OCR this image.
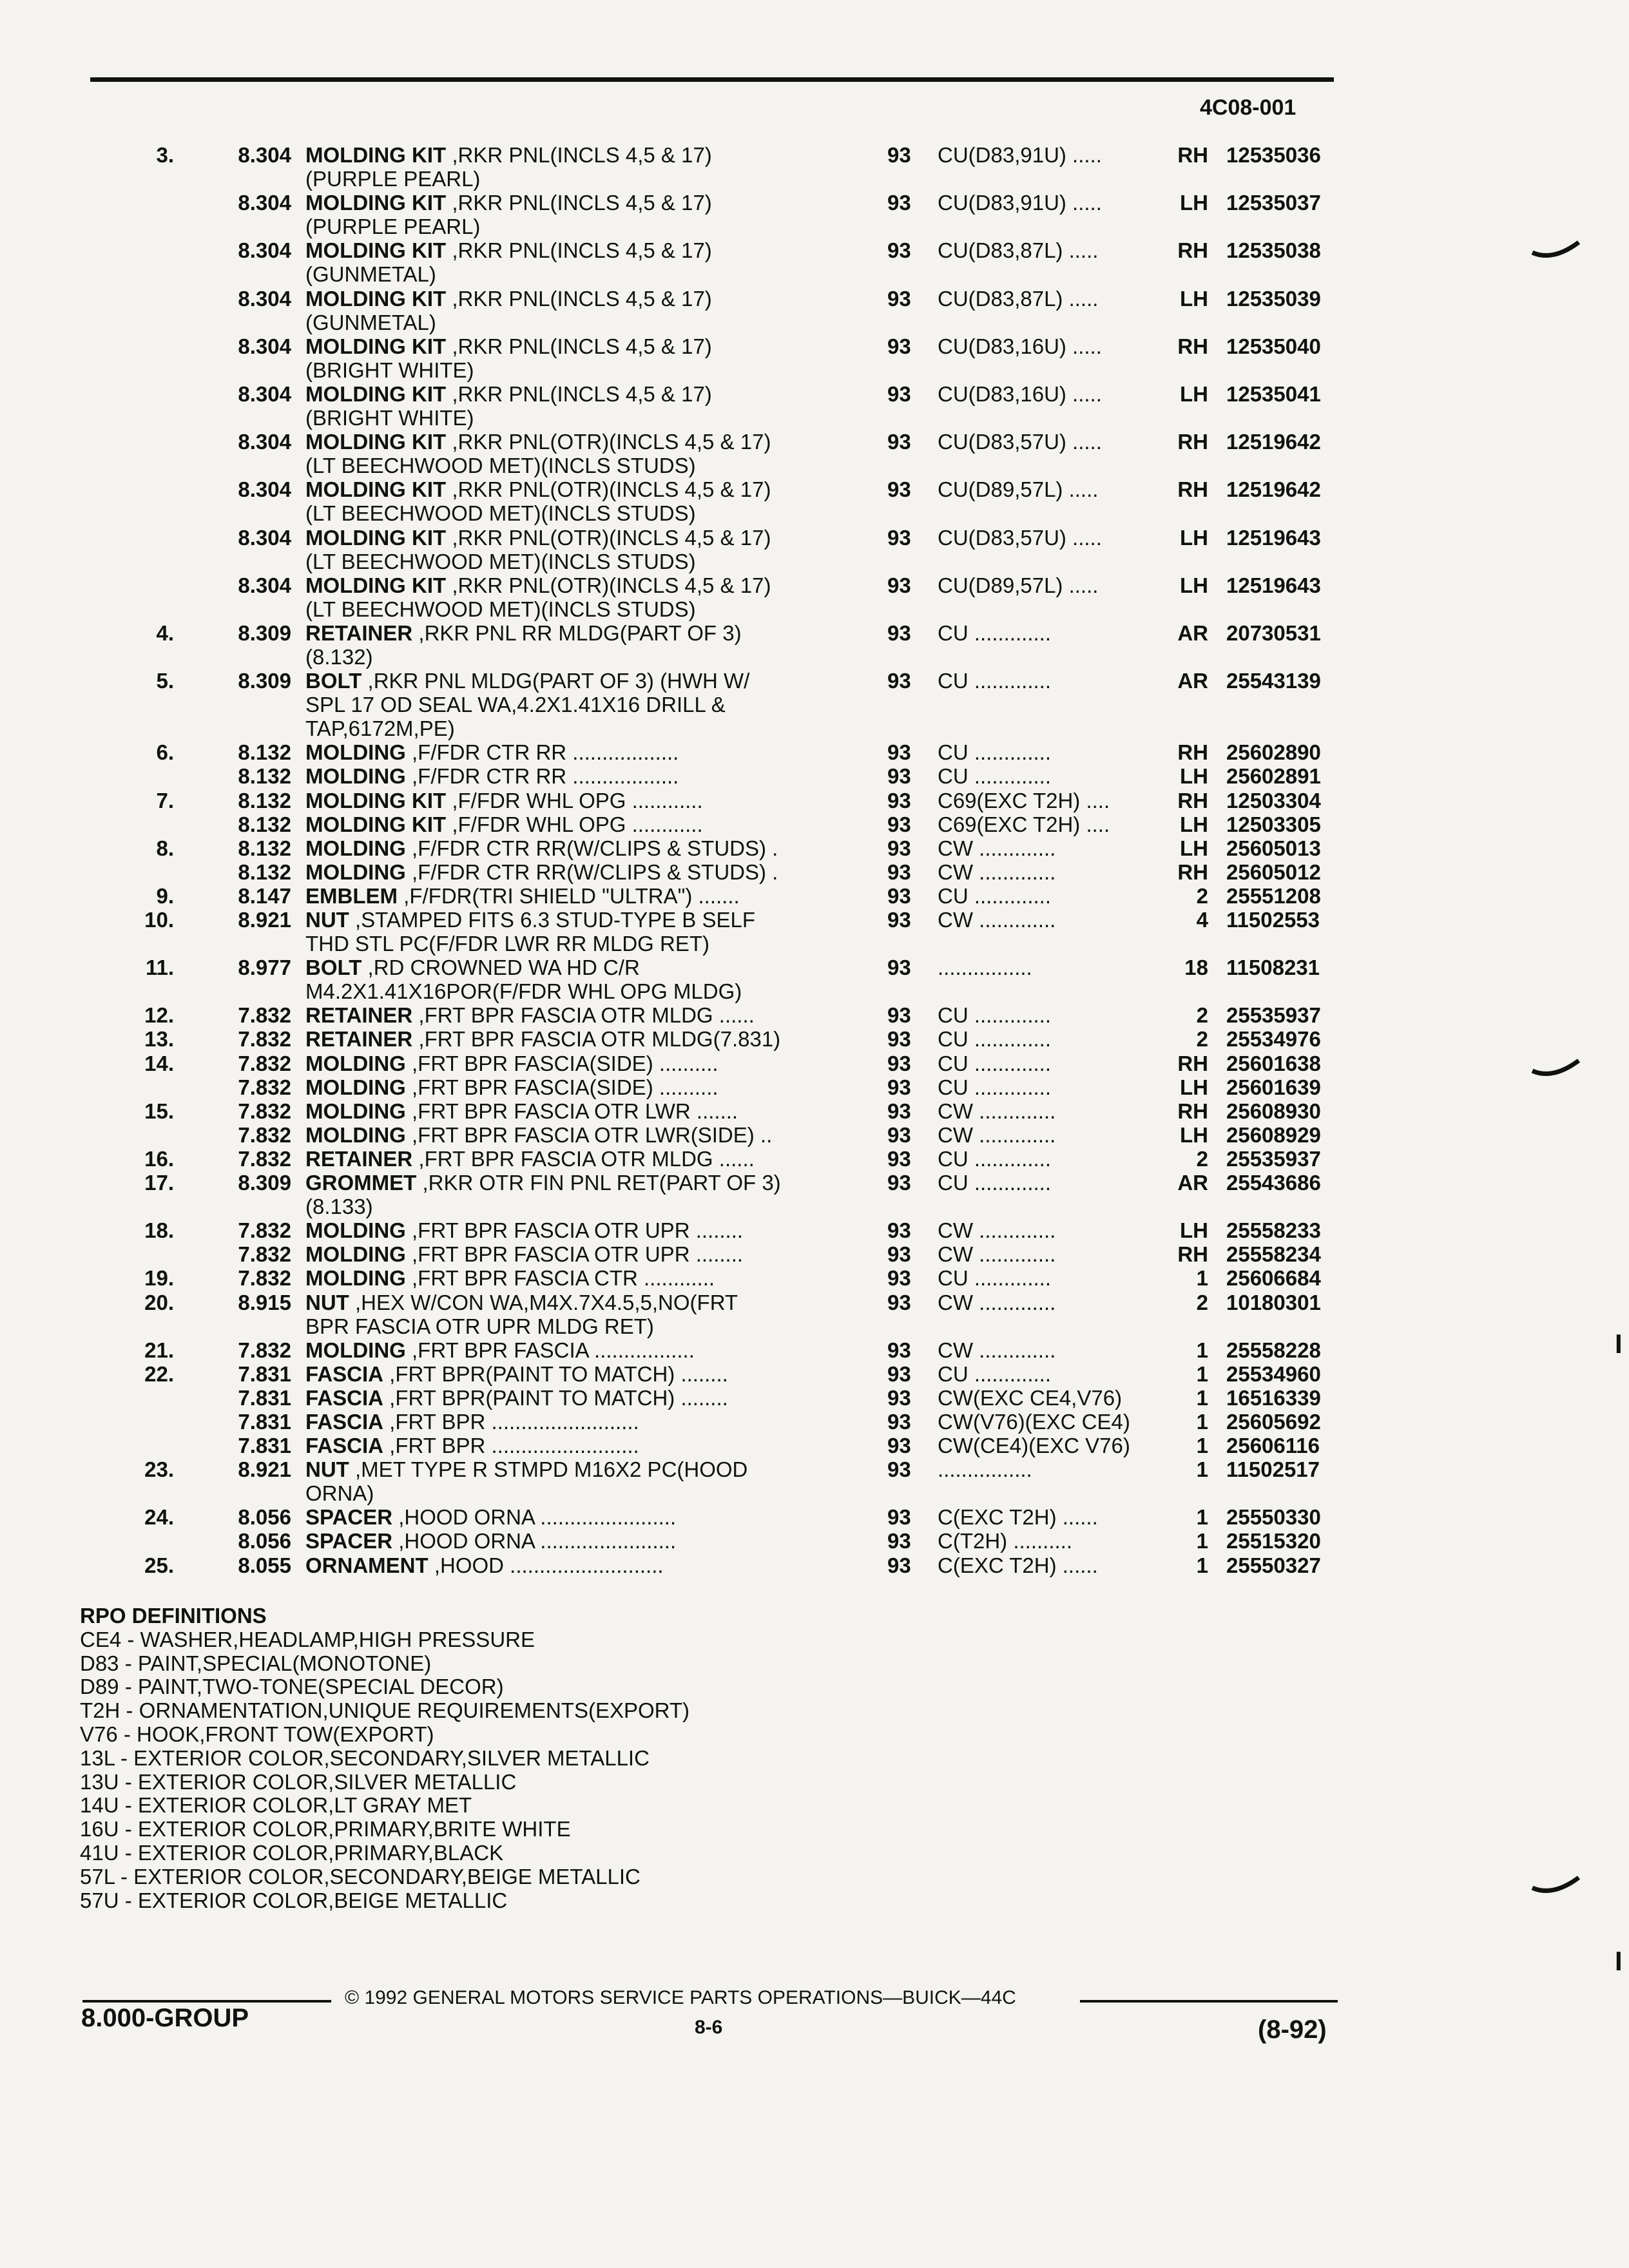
4C08-001
3.	8.304 MOLDING KIT ,RKR PNL(INCLS 4,5 & 17)	93 CU(D83,91U) .....	RH 12535036
(PURPLE PEARL)
8.304 MOLDING KIT ,RKR PNL(INCLS 4,5 & 17)	93 CU(D83,91U) .....	LH 12535037
(PURPLE PEARL)
8.304 MOLDING KIT ,RKR PNL(INCLS 4,5 & 17)	93 CU(D83,87L) .....	RH 12535038
(GUNMETAL)
8.304 MOLDING KIT ,RKR PNL(INCLS 4,5 & 17)	93 CU(D83,87L) .....	LH 12535039
(GUNMETAL)
8.304 MOLDING KIT ,RKR PNL(INCLS 4,5 & 17)	93 CU(D83,16U) .....	RH 12535040
(BRIGHT WHITE)
8.304 MOLDING KIT ,RKR PNL(INCLS 4,5 & 17)	93 CU(D83,16U) .....	LH 12535041
(BRIGHT WHITE)
8.304 MOLDING KIT ,RKR PNL(OTR)(INCLS 4,5 & 17)	93 CU(D83,57U) .....	RH 12519642
(LT BEECHWOOD MET)(INCLS STUDS)
8.304 MOLDING KIT ,RKR PNL(OTR)(INCLS 4,5 & 17)	93 CU(D89,57L) .....	RH 12519642
(LT BEECHWOOD MET)(INCLS STUDS)
8.304 MOLDING KIT ,RKR PNL(OTR)(INCLS 4,5 & 17)	93 CU(D83,57U) .....	LH 12519643
(LT BEECHWOOD MET)(INCLS STUDS)
8.304 MOLDING KIT ,RKR PNL(OTR)(INCLS 4,5 & 17)	93 CU(D89,57L) .....	LH 12519643
(LT BEECHWOOD MET)(INCLS STUDS)
4.	8.309 RETAINER ,RKR PNL RR MLDG(PART OF 3)	93 CU .............	AR 20730531
(8.132)
5.	8.309 BOLT ,RKR PNL MLDG(PART OF 3) (HWH W/	93 CU .............	AR 25543139
SPL 17 OD SEAL WA,4.2X1.41X16 DRILL &
TAP,6172M,PE)
6.	8.132 MOLDING ,F/FDR CTR RR ..................	93 CU .............	RH 25602890
8.132 MOLDING ,F/FDR CTR RR ..................	93 CU .............	LH 25602891
7.	8.132 MOLDING KIT ,F/FDR WHL OPG ............	93 C69(EXC T2H) ....	RH 12503304
8.132 MOLDING KIT ,F/FDR WHL OPG ............	93 C69(EXC T2H) ....	LH 12503305
8.	8.132 MOLDING ,F/FDR CTR RR(W/CLIPS & STUDS) .	93 CW .............	LH 25605013
8.132 MOLDING ,F/FDR CTR RR(W/CLIPS & STUDS) .	93 CW .............	RH 25605012
9.	8.147 EMBLEM ,F/FDR(TRI SHIELD "ULTRA") .......	93 CU .............	2 25551208
10.	8.921 NUT ,STAMPED FITS 6.3 STUD-TYPE B SELF	93 CW .............	4 11502553
THD STL PC(F/FDR LWR RR MLDG RET)
11.	8.977 BOLT ,RD CROWNED WA HD C/R	93 ................	18 11508231
M4.2X1.41X16POR(F/FDR WHL OPG MLDG)
12.	7.832 RETAINER ,FRT BPR FASCIA OTR MLDG ......	93 CU .............	2 25535937
13.	7.832 RETAINER ,FRT BPR FASCIA OTR MLDG(7.831)	93 CU .............	2 25534976
14.	7.832 MOLDING ,FRT BPR FASCIA(SIDE) ..........	93 CU .............	RH 25601638
7.832 MOLDING ,FRT BPR FASCIA(SIDE) ..........	93 CU .............	LH 25601639
15.	7.832 MOLDING ,FRT BPR FASCIA OTR LWR .......	93 CW .............	RH 25608930
7.832 MOLDING ,FRT BPR FASCIA OTR LWR(SIDE) ..	93 CW .............	LH 25608929
16.	7.832 RETAINER ,FRT BPR FASCIA OTR MLDG ......	93 CU .............	2 25535937
17.	8.309 GROMMET ,RKR OTR FIN PNL RET(PART OF 3)	93 CU .............	AR 25543686
(8.133)
18.	7.832 MOLDING ,FRT BPR FASCIA OTR UPR ........	93 CW .............	LH 25558233
7.832 MOLDING ,FRT BPR FASCIA OTR UPR ........	93 CW .............	RH 25558234
19.	7.832 MOLDING ,FRT BPR FASCIA CTR ............	93 CU .............	1 25606684
20.	8.915 NUT ,HEX W/CON WA,M4X.7X4.5,5,NO(FRT	93 CW .............	2 10180301
BPR FASCIA OTR UPR MLDG RET)
21.	7.832 MOLDING ,FRT BPR FASCIA .................	93 CW .............	1 25558228
22.	7.831 FASCIA ,FRT BPR(PAINT TO MATCH) ........	93 CU .............	1 25534960
7.831 FASCIA ,FRT BPR(PAINT TO MATCH) ........	93 CW(EXC CE4,V76)	1 16516339
7.831 FASCIA ,FRT BPR .........................	93 CW(V76)(EXC CE4)	1 25605692
7.831 FASCIA ,FRT BPR .........................	93 CW(CE4)(EXC V76)	1 25606116
23.	8.921 NUT ,MET TYPE R STMPD M16X2 PC(HOOD	93 ................	1 11502517
ORNA)
24.	8.056 SPACER ,HOOD ORNA .......................	93 C(EXC T2H) ......	1 25550330
8.056 SPACER ,HOOD ORNA .......................	93 C(T2H) ..........	1 25515320
25.	8.055 ORNAMENT ,HOOD ..........................	93 C(EXC T2H) ......	1 25550327
RPO DEFINITIONS
CE4 - WASHER,HEADLAMP,HIGH PRESSURE
D83 - PAINT,SPECIAL(MONOTONE)
D89 - PAINT,TWO-TONE(SPECIAL DECOR)
T2H - ORNAMENTATION,UNIQUE REQUIREMENTS(EXPORT)
V76 - HOOK,FRONT TOW(EXPORT)
13L - EXTERIOR COLOR,SECONDARY,SILVER METALLIC
13U - EXTERIOR COLOR,SILVER METALLIC
14U - EXTERIOR COLOR,LT GRAY MET
16U - EXTERIOR COLOR,PRIMARY,BRITE WHITE
41U - EXTERIOR COLOR,PRIMARY,BLACK
57L - EXTERIOR COLOR,SECONDARY,BEIGE METALLIC
57U - EXTERIOR COLOR,BEIGE METALLIC
© 1992 GENERAL MOTORS SERVICE PARTS OPERATIONS—BUICK—44C
8.000-GROUP	8-6	(8-92)
I
I
